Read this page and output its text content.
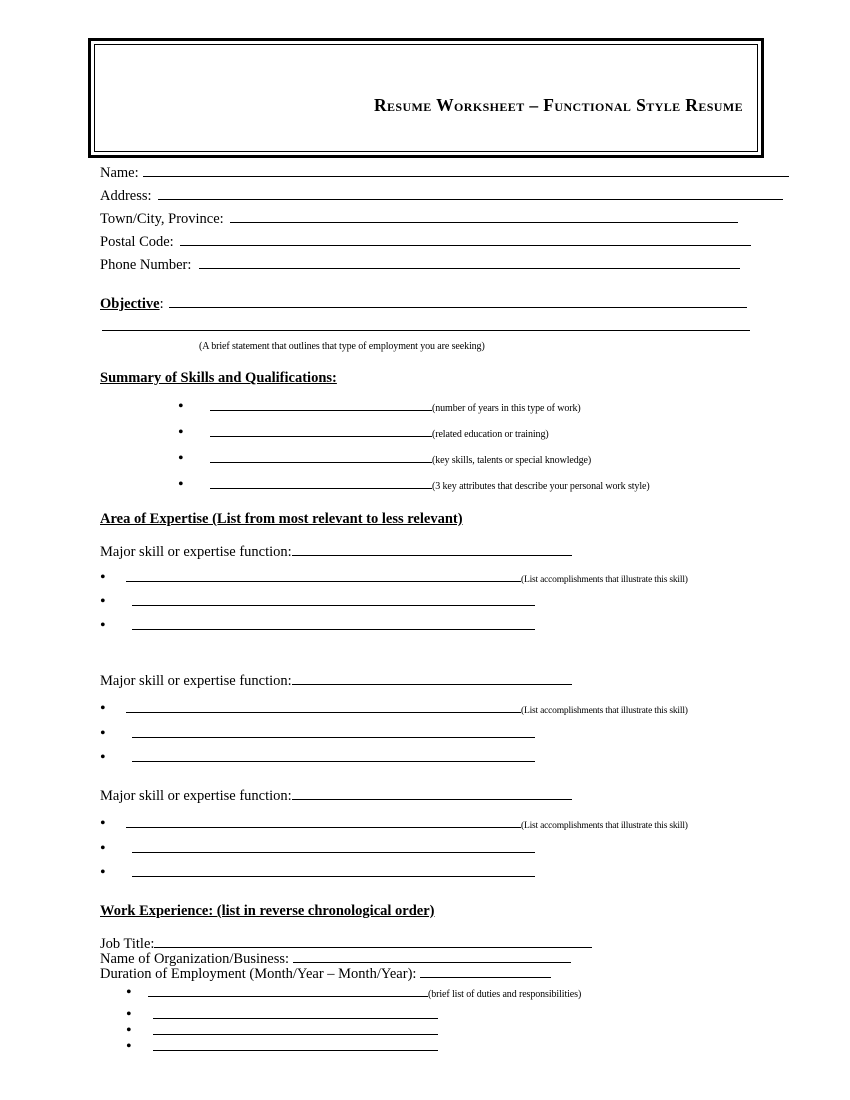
Resume Worksheet – Functional Style Resume
Name:
Address:
Town/City, Province:
Postal Code:
Phone Number:
Objective :
(A brief statement that outlines that type of employment you are seeking)
Summary of Skills and Qualifications:
•	(number of years in this type of work)
•	(related education or training)
•	(key skills, talents or special knowledge)
•	(3 key attributes that describe your personal work style)
Area of Expertise (List from most relevant to less relevant)
Major skill or expertise function:
•	(List accomplishments that illustrate this skill)
•
•
Major skill or expertise function:
•	(List accomplishments that illustrate this skill)
•
•
Major skill or expertise function:
•	(List accomplishments that illustrate this skill)
•
•
Work Experience: (list in reverse chronological order)
Job Title:
Name of Organization/Business:
Duration of Employment (Month/Year – Month/Year):
•	(brief list of duties and responsibilities)
•
•
•
